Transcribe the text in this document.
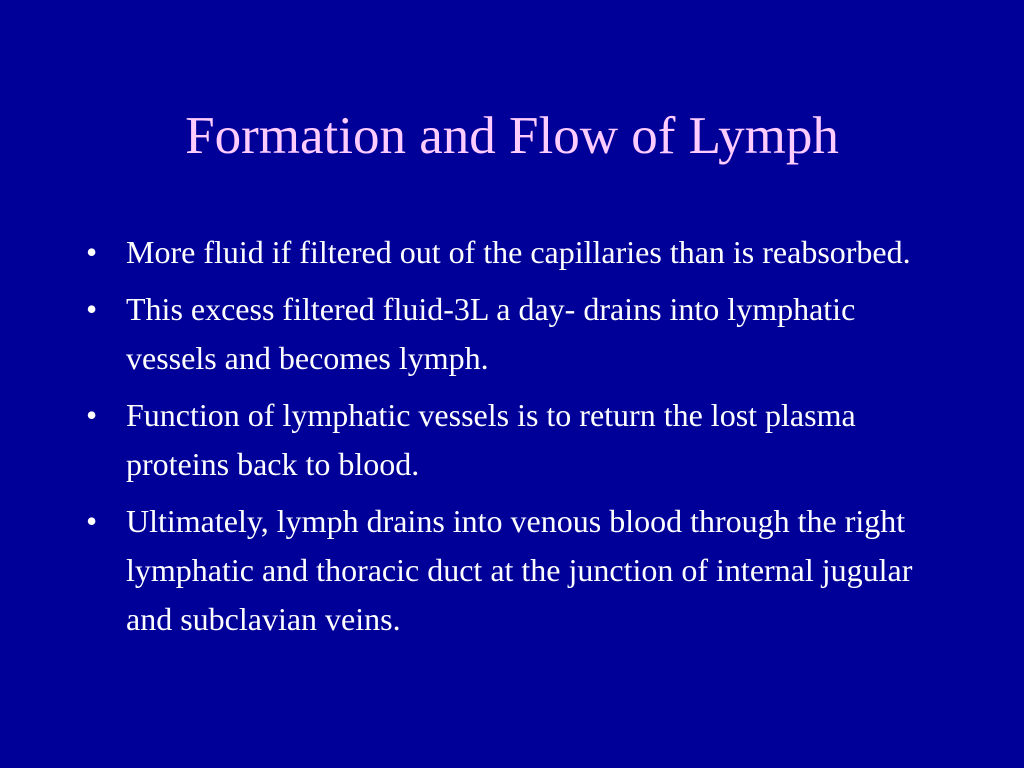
Formation and Flow of Lymph
• More fluid if filtered out of the capillaries than is reabsorbed.
• This excess filtered fluid-3L a day- drains into lymphatic vessels and becomes lymph.
• Function of lymphatic vessels is to return the lost plasma proteins back to blood.
• Ultimately, lymph drains into venous blood through the right lymphatic and thoracic duct at the junction of internal jugular and subclavian veins.
